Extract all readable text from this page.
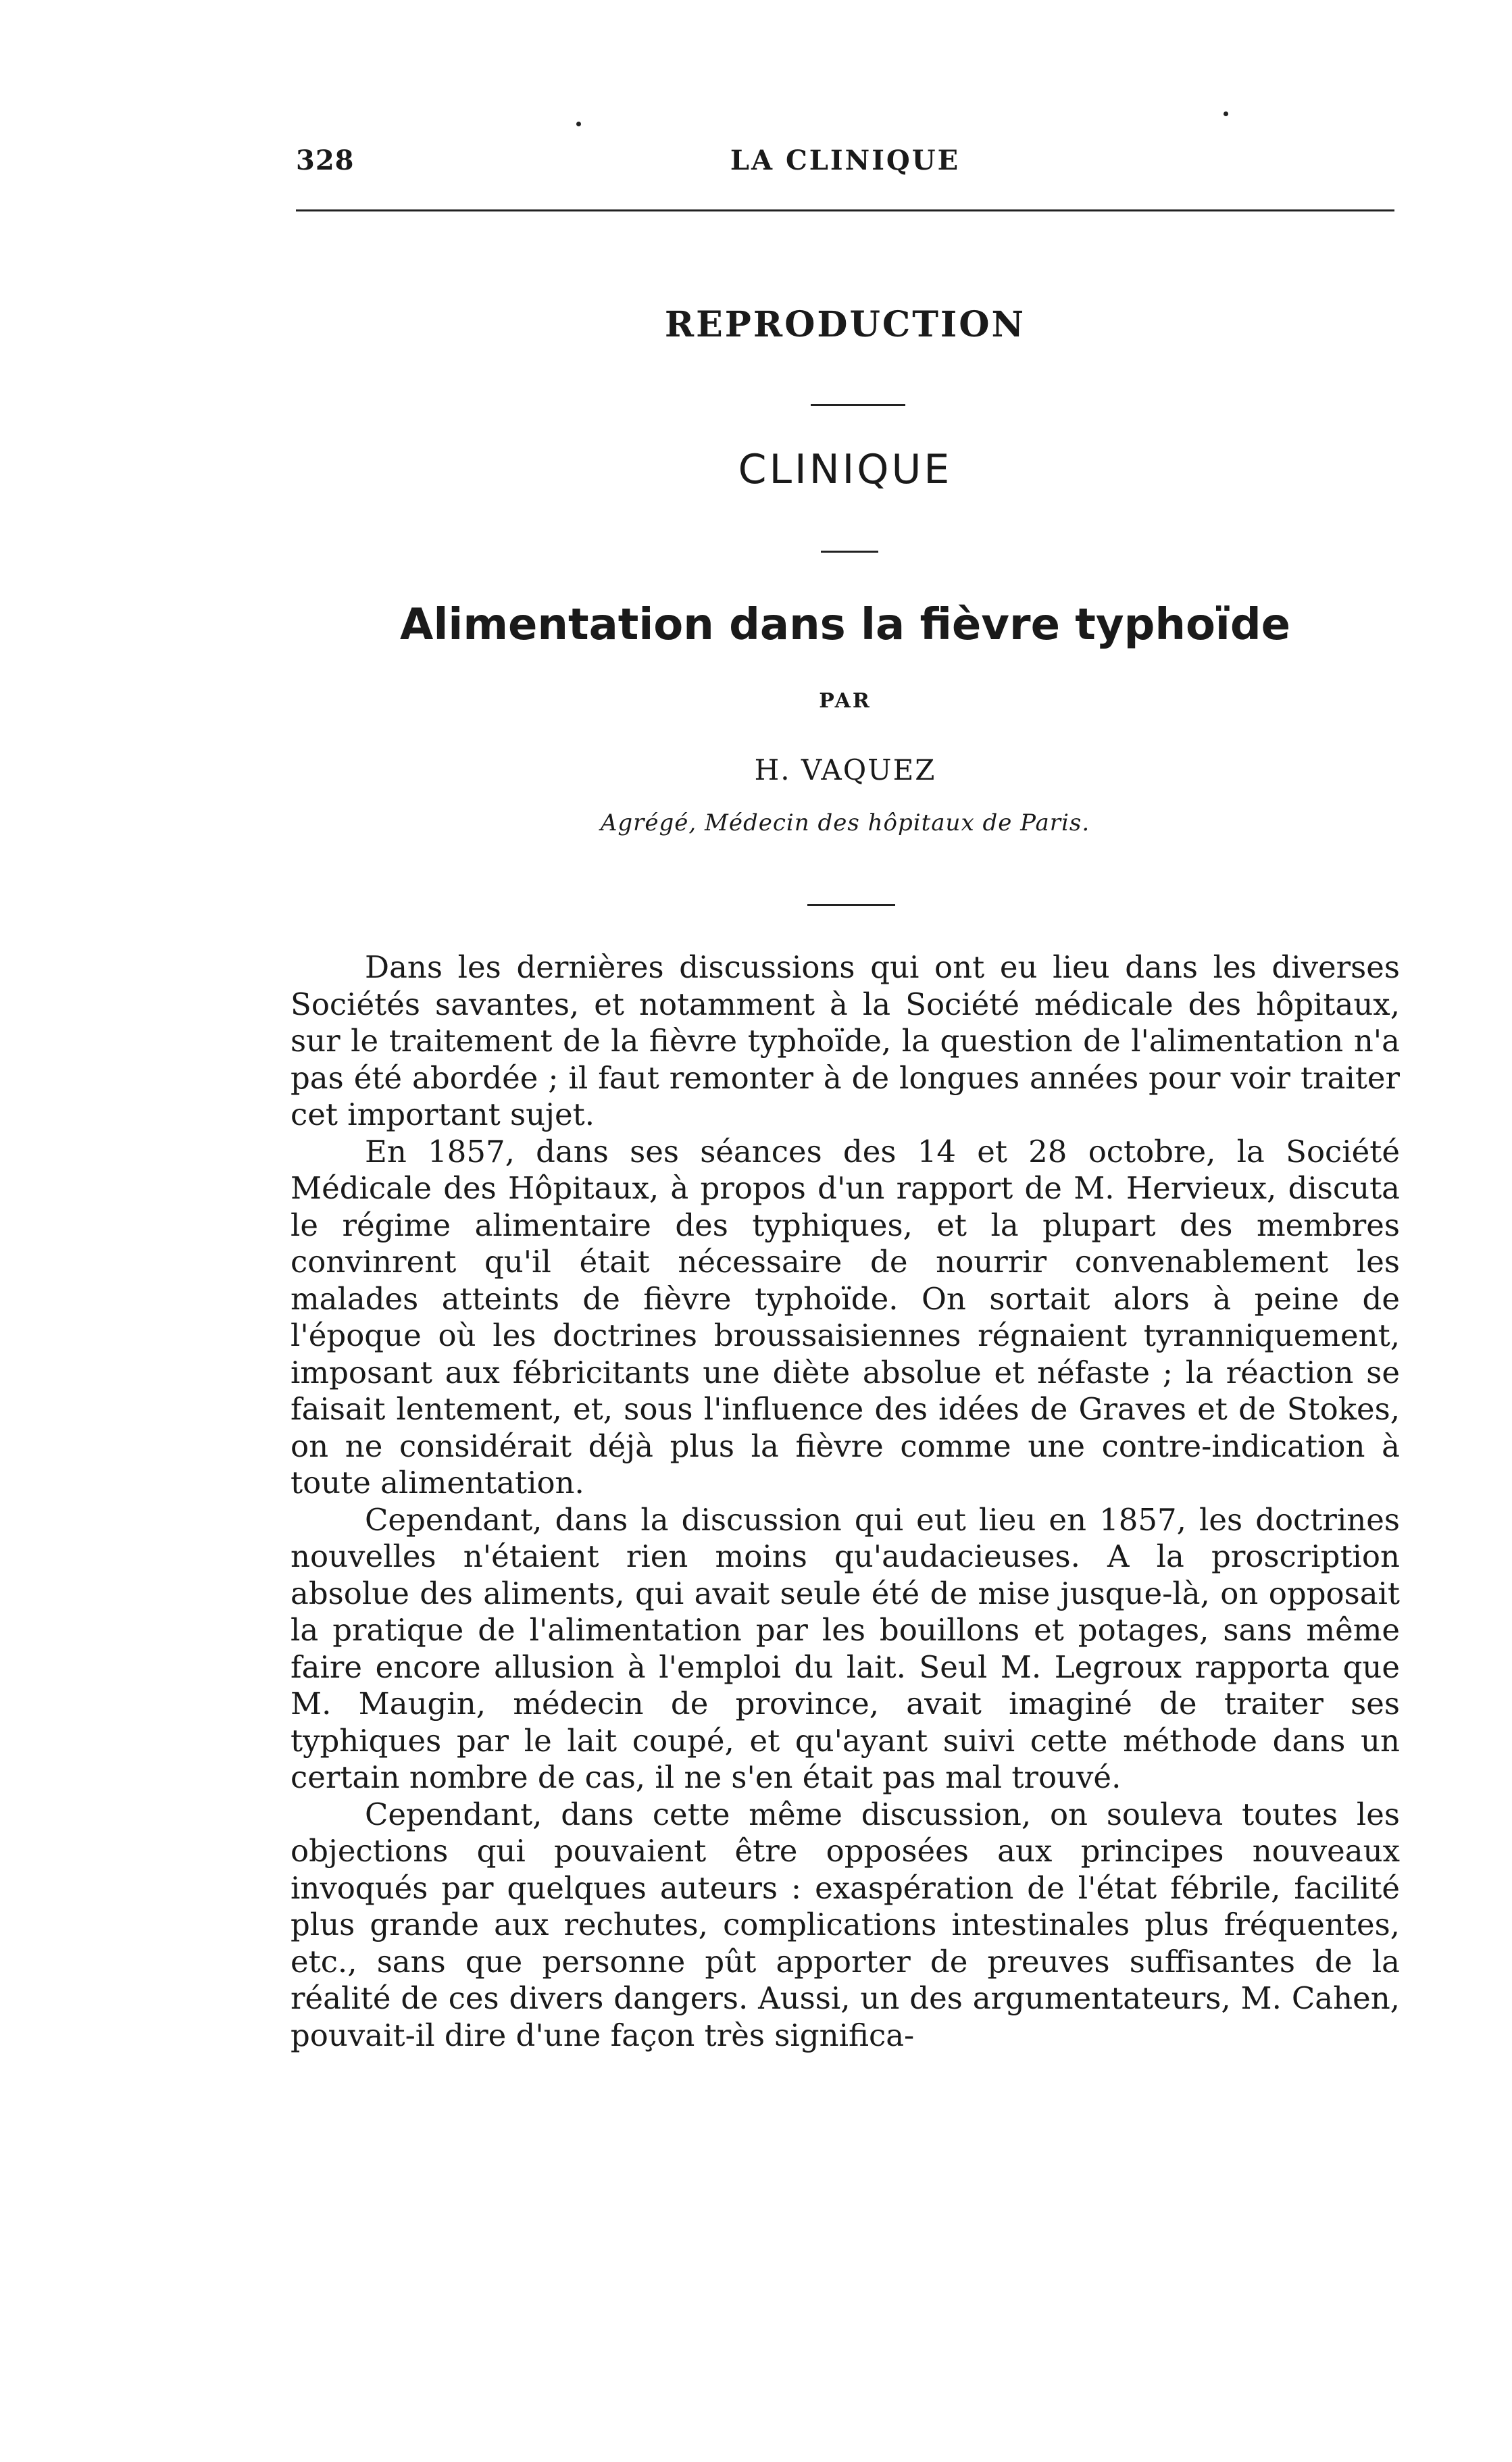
328	LA CLINIQUE
REPRODUCTION
CLINIQUE
Alimentation dans la fièvre typhoïde
PAR
H. VAQUEZ
Agrégé, Médecin des hôpitaux de Paris.

Dans les dernières discussions qui ont eu lieu dans les diverses Sociétés savantes, et notamment à la Société médicale des hôpitaux, sur le traitement de la fièvre typhoïde, la question de l'alimentation n'a pas été abordée ; il faut remonter à de longues années pour voir traiter cet important sujet.

En 1857, dans ses séances des 14 et 28 octobre, la Société Médicale des Hôpitaux, à propos d'un rapport de M. Hervieux, discuta le régime alimentaire des typhiques, et la plupart des membres convinrent qu'il était nécessaire de nourrir convenablement les malades atteints de fièvre typhoïde. On sortait alors à peine de l'époque où les doctrines broussaisiennes régnaient tyranniquement, imposant aux fébricitants une diète absolue et néfaste ; la réaction se faisait lentement, et, sous l'influence des idées de Graves et de Stokes, on ne considérait déjà plus la fièvre comme une contre-indication à toute alimentation.

Cependant, dans la discussion qui eut lieu en 1857, les doctrines nouvelles n'étaient rien moins qu'audacieuses. A la proscription absolue des aliments, qui avait seule été de mise jusque-là, on opposait la pratique de l'alimentation par les bouillons et potages, sans même faire encore allusion à l'emploi du lait. Seul M. Legroux rapporta que M. Maugin, médecin de province, avait imaginé de traiter ses typhiques par le lait coupé, et qu'ayant suivi cette méthode dans un certain nombre de cas, il ne s'en était pas mal trouvé.

Cependant, dans cette même discussion, on souleva toutes les objections qui pouvaient être opposées aux principes nouveaux invoqués par quelques auteurs : exaspération de l'état fébrile, facilité plus grande aux rechutes, complications intestinales plus fréquentes, etc., sans que personne pût apporter de preuves suffisantes de la réalité de ces divers dangers. Aussi, un des argumentateurs, M. Cahen, pouvait-il dire d'une façon très significa-
